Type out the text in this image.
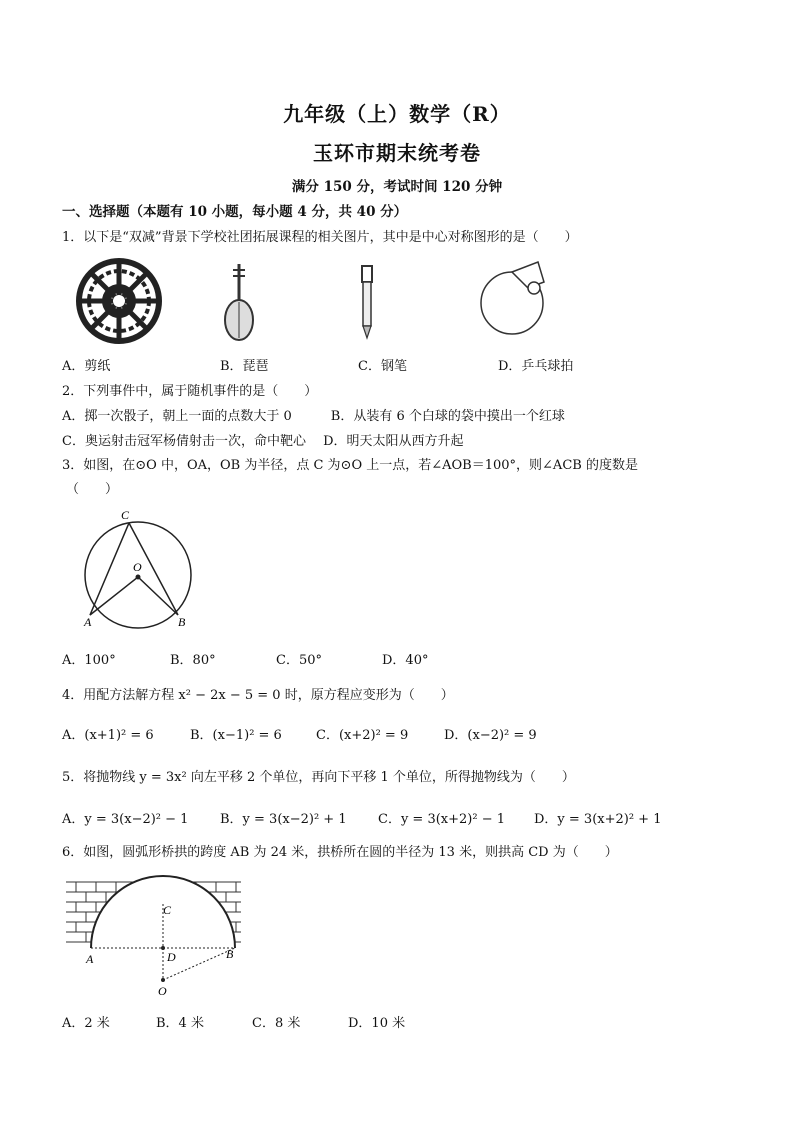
九年级（上）数学（R）
玉环市期末统考卷
满分 150 分，考试时间 120 分钟
一、选择题（本题有 10 小题，每小题 4 分，共 40 分）
1．以下是“双减”背景下学校社团拓展课程的相关图片，其中是中心对称图形的是（　　）
A．剪纸	B．琵琶	C．钢笔	D．乒乓球拍
2．下列事件中，属于随机事件的是（　　）
A．掷一次骰子，朝上一面的点数大于 0　　　B．从装有 6 个白球的袋中摸出一个红球
C．奥运射击冠军杨倩射击一次，命中靶心　 D．明天太阳从西方升起
3．如图，在⊙O 中，OA，OB 为半径，点 C 为⊙O 上一点，若∠AOB＝100°，则∠ACB 的度数是
（　　）
C
O
A	B
A．100°	B．80°	C．50°	D．40°
4．用配方法解方程 x² − 2x − 5 = 0 时，原方程应变形为（　　）
A．(x+1)² = 6	B．(x−1)² = 6	C．(x+2)² = 9	D．(x−2)² = 9
5．将抛物线 y = 3x² 向左平移 2 个单位，再向下平移 1 个单位，所得抛物线为（　　）
A．y = 3(x−2)² − 1 B．y = 3(x−2)² + 1 C．y = 3(x+2)² − 1 D．y = 3(x+2)² + 1
6．如图，圆弧形桥拱的跨度 AB 为 24 米，拱桥所在圆的半径为 13 米，则拱高 CD 为（　　）
C
D
A	B
O
A．2 米	B．4 米	C．8 米	D．10 米
